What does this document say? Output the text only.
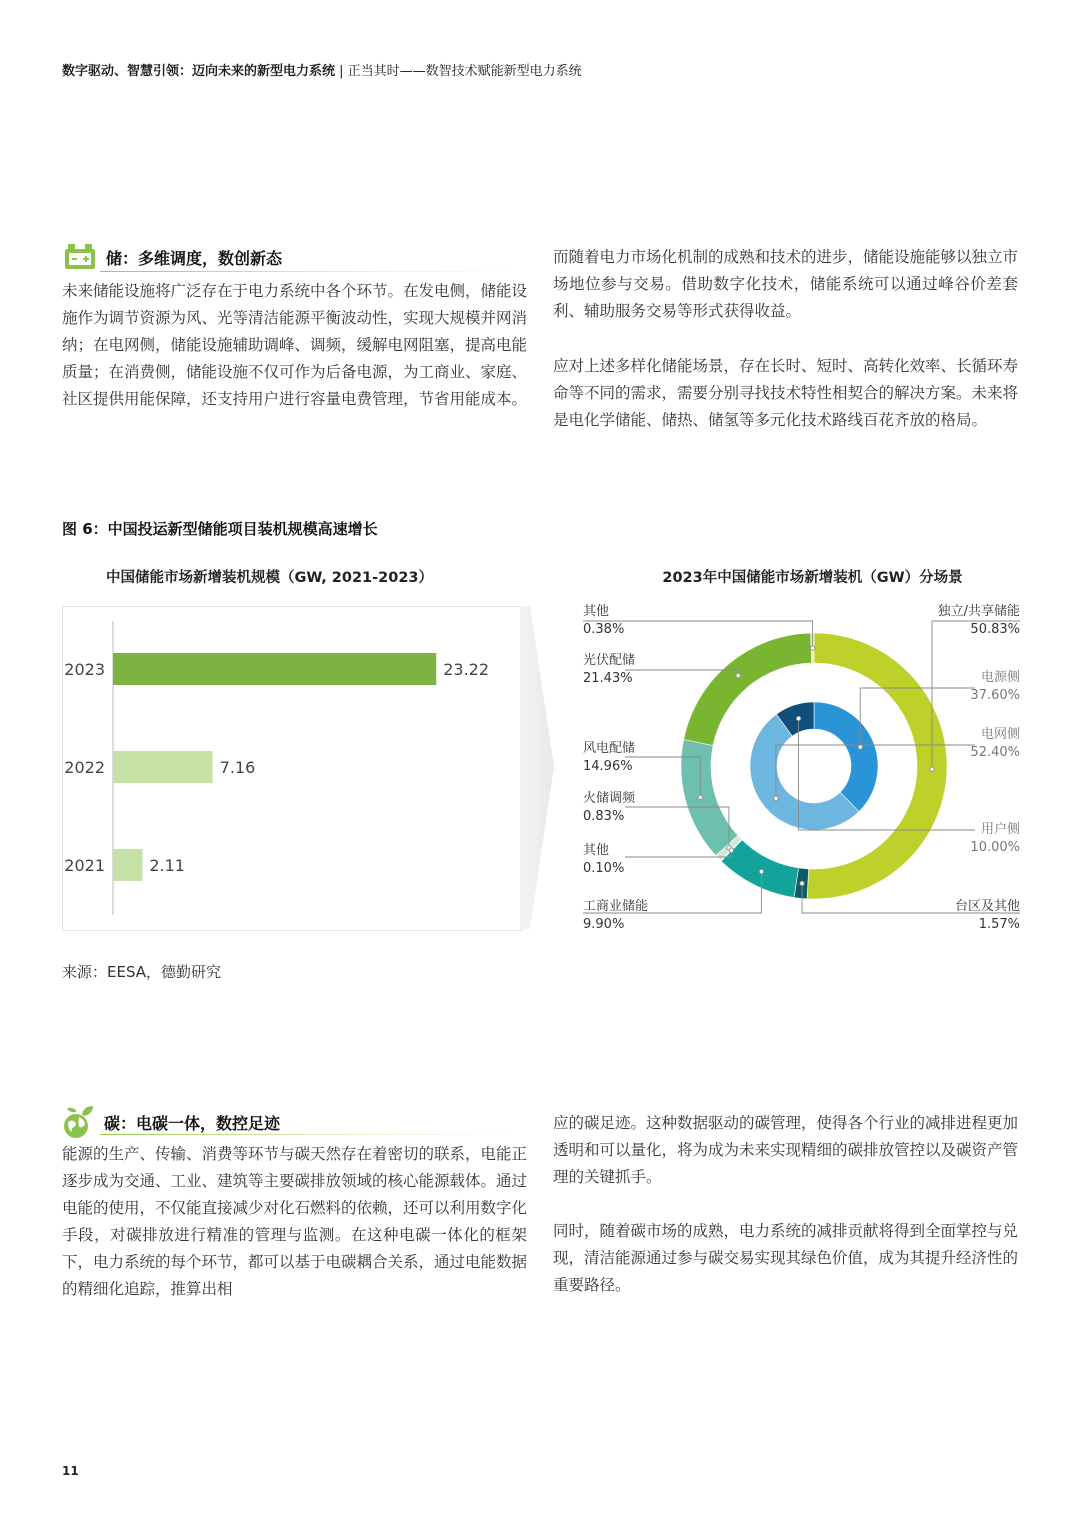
数字驱动、智慧引领：迈向未来的新型电力系统 | 正当其时——数智技术赋能新型电力系统
储：多维调度，数创新态

未来储能设施将广泛存在于电力系统中各个环节。在发电侧，储能设施作为调节资源为风、光等清洁能源平衡波动性，实现大规模并网消纳；在电网侧，储能设施辅助调峰、调频，缓解电网阻塞，提高电能质量；在消费侧，储能设施不仅可作为后备电源，为工商业、家庭、社区提供用能保障，还支持用户进行容量电费管理，节省用能成本。

而随着电力市场化机制的成熟和技术的进步，储能设施能够以独立市场地位参与交易。借助数字化技术，储能系统可以通过峰谷价差套利、辅助服务交易等形式获得收益。

应对上述多样化储能场景，存在长时、短时、高转化效率、长循环寿命等不同的需求，需要分别寻找技术特性相契合的解决方案。未来将是电化学储能、储热、储氢等多元化技术路线百花齐放的格局。

图 6：中国投运新型储能项目装机规模高速增长
中国储能市场新增装机规模（GW, 2021-2023）
2023	23.22
2022	7.16
2021	2.11
2023年中国储能市场新增装机（GW）分场景
其他
0.38%
光伏配储
21.43%
风电配储
14.96%
火储调频
0.83%
其他
0.10%
工商业储能
9.90%
独立/共享储能
50.83%
电源侧
37.60%
电网侧
52.40%
用户侧
10.00%
台区及其他
1.57%
来源：EESA，德勤研究
碳：电碳一体，数控足迹

能源的生产、传输、消费等环节与碳天然存在着密切的联系，电能正逐步成为交通、工业、建筑等主要碳排放领域的核心能源载体。通过电能的使用，不仅能直接减少对化石燃料的依赖，还可以利用数字化手段，对碳排放进行精准的管理与监测。在这种电碳一体化的框架下，电力系统的每个环节，都可以基于电碳耦合关系，通过电能数据的精细化追踪，推算出相

应的碳足迹。这种数据驱动的碳管理，使得各个行业的减排进程更加透明和可以量化，将为成为未来实现精细的碳排放管控以及碳资产管理的关键抓手。

同时，随着碳市场的成熟，电力系统的减排贡献将得到全面掌控与兑现，清洁能源通过参与碳交易实现其绿色价值，成为其提升经济性的重要路径。

11
